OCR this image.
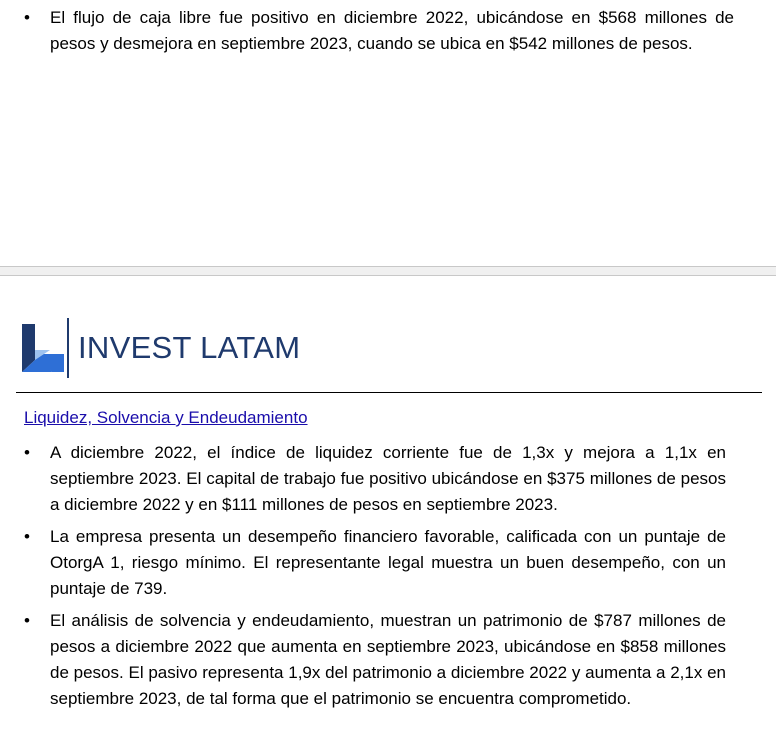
•	El flujo de caja libre fue positivo en diciembre 2022, ubicándose en $568 millones de pesos y desmejora en septiembre 2023, cuando se ubica en $542 millones de pesos.
INVEST LATAM
Liquidez, Solvencia y Endeudamiento
•	A diciembre 2022, el índice de liquidez corriente fue de 1,3x y mejora a 1,1x en septiembre 2023. El capital de trabajo fue positivo ubicándose en $375 millones de pesos a diciembre 2022 y en $111 millones de pesos en septiembre 2023.
•	La empresa presenta un desempeño financiero favorable, calificada con un puntaje de OtorgA 1, riesgo mínimo. El representante legal muestra un buen desempeño, con un puntaje de 739.
•	El análisis de solvencia y endeudamiento, muestran un patrimonio de $787 millones de pesos a diciembre 2022 que aumenta en septiembre 2023, ubicándose en $858 millones de pesos. El pasivo representa 1,9x del patrimonio a diciembre 2022 y aumenta a 2,1x en septiembre 2023, de tal forma que el patrimonio se encuentra comprometido.
